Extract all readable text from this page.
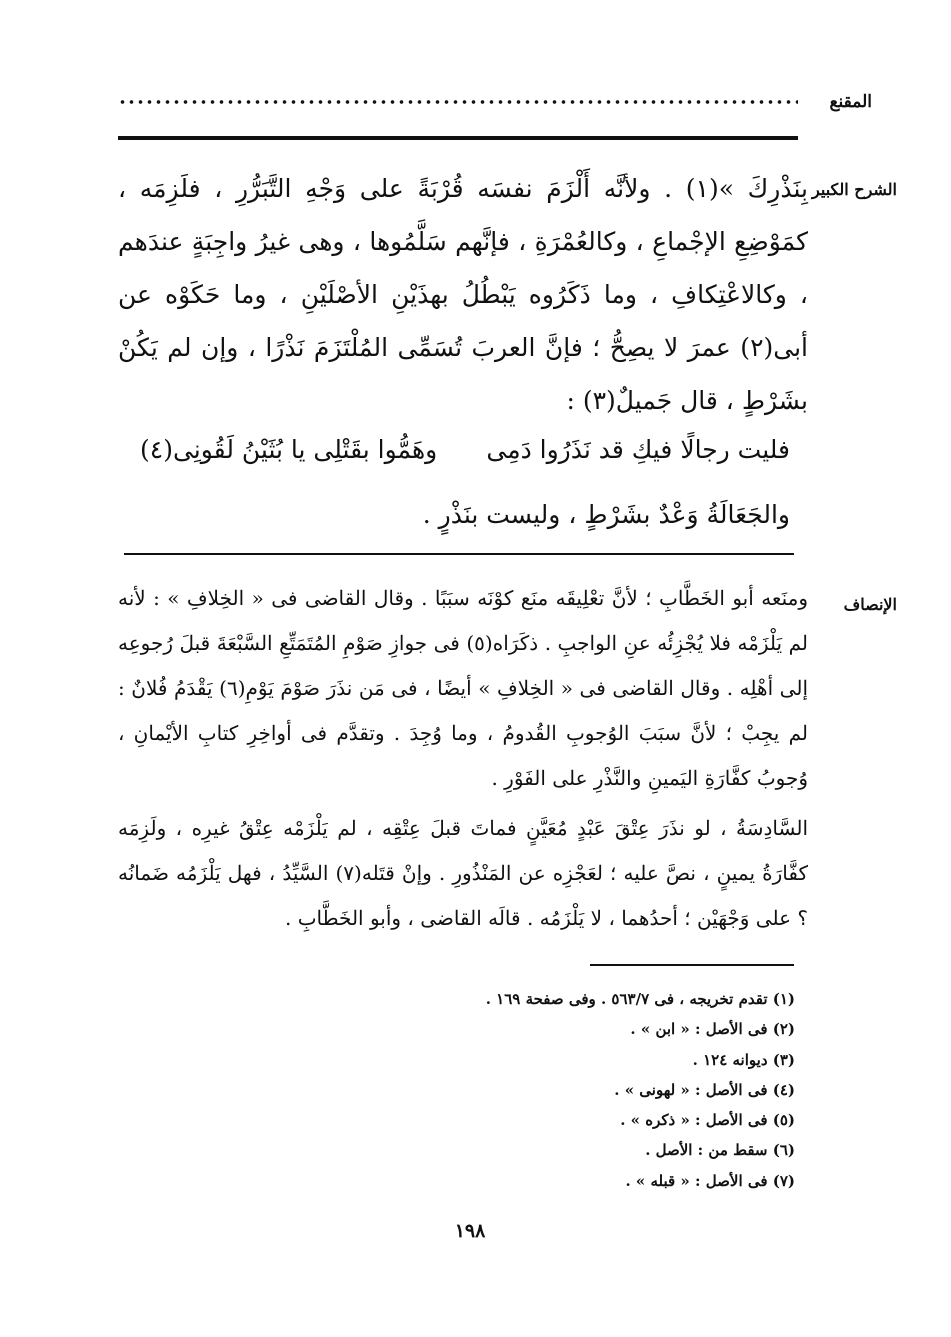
المقنع
الشرح الكبير

بِنَذْرِكَ »(١) . ولأنَّه أَلْزَمَ نفسَه قُرْبَةً على وَجْهِ التَّبَرُّرِ ، فلَزِمَه ، كمَوْضِعِ الإجْماعِ ، وكالعُمْرَةِ ، فإنَّهم سَلَّمُوها ، وهى غيرُ واجِبَةٍ عندَهم ، وكالاعْتِكافِ ، وما ذَكَرُوه يَبْطُلُ بهذَيْنِ الأصْلَيْنِ ، وما حَكَوْه عن أبى(٢) عمرَ لا يصِحُّ ؛ فإنَّ العربَ تُسَمِّى المُلْتَزَمَ نَذْرًا ، وإن لم يَكُنْ بشَرْطٍ ، قال جَميلٌ(٣) :

فليت رجالًا فيكِ قد نَذَرُوا دَمِى
وهَمُّوا بقَتْلِى يا بُثَيْنُ لَقُونِى(٤)

والجَعَالَةُ وَعْدٌ بشَرْطٍ ، وليست بنَذْرٍ .

الإنصاف

ومنَعه أبو الخَطَّابِ ؛ لأنَّ تعْلِيقَه منَع كوْنَه سبَبًا . وقال القاضى فى « الخِلافِ » : لأنه لم يَلْزَمْه فلا يُجْزِئُه عنِ الواجبِ . ذكَرَاه(٥) فى جوازِ صَوْمِ المُتَمَتِّعِ السَّبْعَةَ قبلَ رُجوعِه إلى أهْلِه . وقال القاضى فى « الخِلافِ » أيضًا ، فى مَن نذَرَ صَوْمَ يَوْمِ(٦) يَقْدَمُ فُلانٌ : لم يجِبْ ؛ لأنَّ سبَبَ الوُجوبِ القُدومُ ، وما وُجِدَ . وتقدَّم فى أواخِرِ كتابِ الأيْمانِ ، وُجوبُ كفَّارَةِ اليَمينِ والنَّذْرِ على الفَوْرِ .

السَّادِسَةُ ، لو نذَرَ عِتْقَ عَبْدٍ مُعَيَّنٍ فماتَ قبلَ عِتْقِه ، لم يَلْزَمْه عِتْقُ غيرِه ، ولَزِمَه كفَّارَةُ يمينٍ ، نصَّ عليه ؛ لعَجْزِه عن المَنْذُورِ . وإنْ قتَله(٧) السَّيِّدُ ، فهل يَلْزَمُه ضَمانُه ؟ على وَجْهَيْن ؛ أحدُهما ، لا يَلْزَمُه . قالَه القاضى ، وأبو الخَطَّابِ .

(١) تقدم تخريجه ، فى ٥٦٣/٧ . وفى صفحة ١٦٩ .
(٢) فى الأصل : « ابن » .
(٣) ديوانه ١٢٤ .
(٤) فى الأصل : « لهونى » .
(٥) فى الأصل : « ذكره » .
(٦) سقط من : الأصل .
(٧) فى الأصل : « قبله » .
١٩٨
